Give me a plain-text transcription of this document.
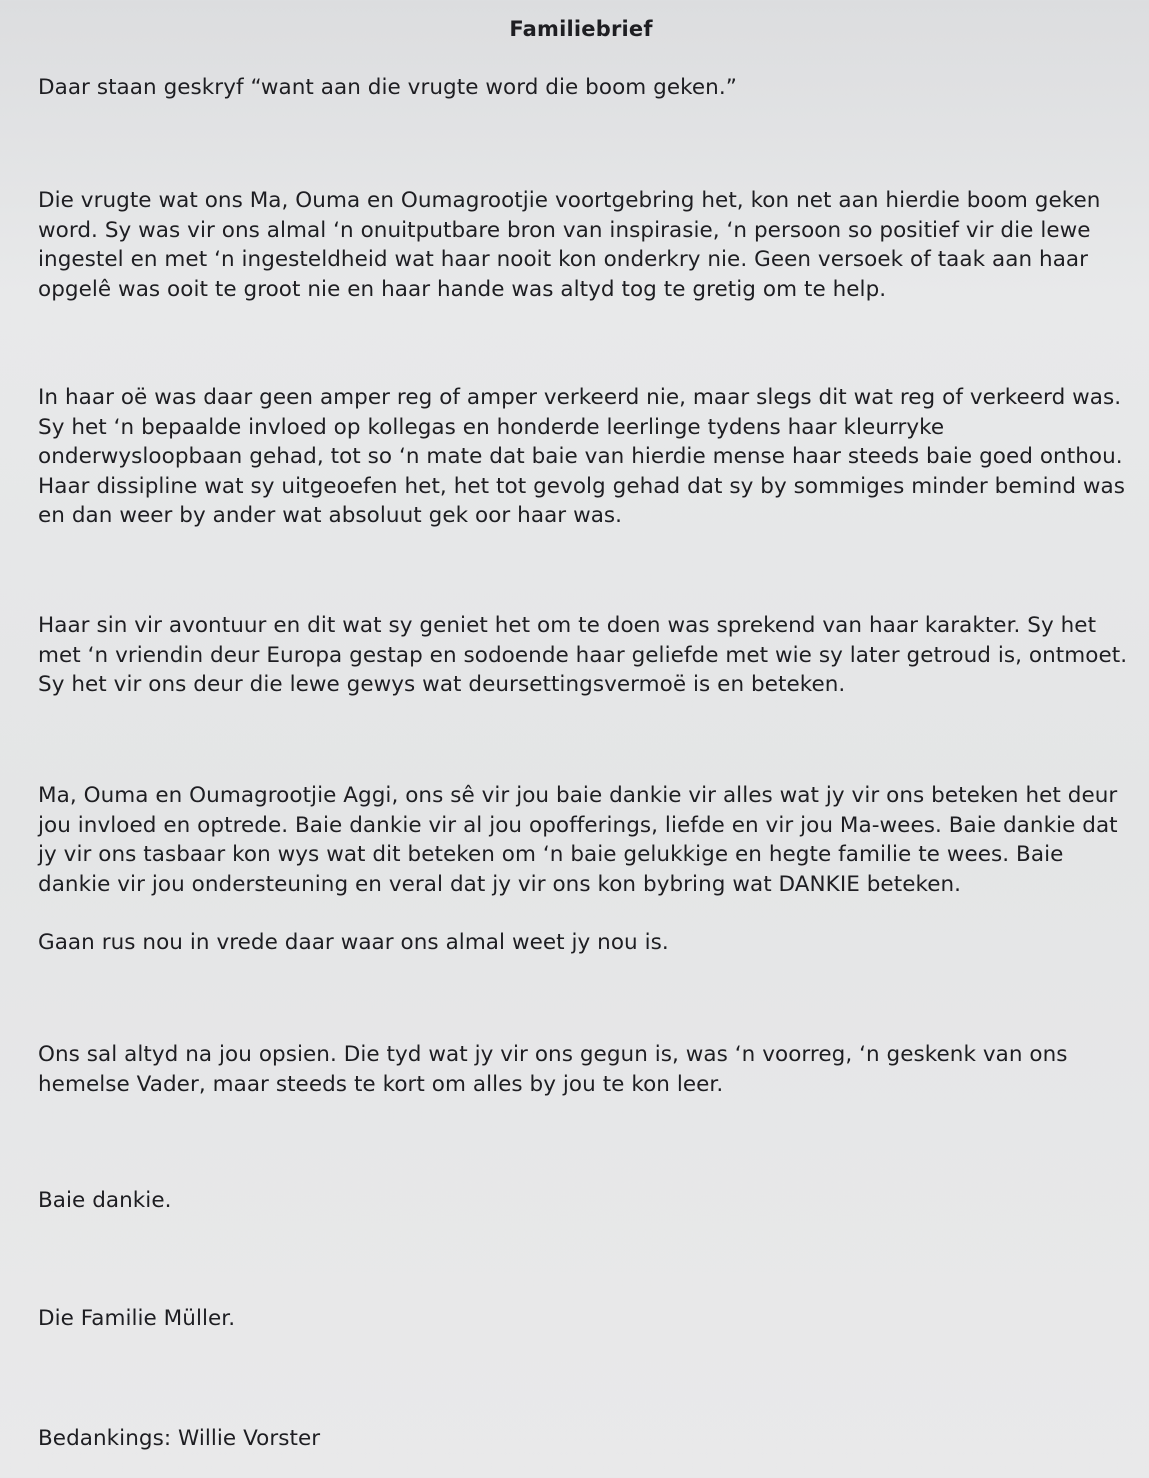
Familiebrief

Daar staan geskryf “want aan die vrugte word die boom geken.”

Die vrugte wat ons Ma, Ouma en Oumagrootjie voortgebring het, kon net aan hierdie boom geken word. Sy was vir ons almal ‘n onuitputbare bron van inspirasie, ‘n persoon so positief vir die lewe ingestel en met ‘n ingesteldheid wat haar nooit kon onderkry nie. Geen versoek of taak aan haar opgelê was ooit te groot nie en haar hande was altyd tog te gretig om te help.

In haar oë was daar geen amper reg of amper verkeerd nie, maar slegs dit wat reg of verkeerd was. Sy het ‘n bepaalde invloed op kollegas en honderde leerlinge tydens haar kleurryke onderwysloopbaan gehad, tot so ‘n mate dat baie van hierdie mense haar steeds baie goed onthou. Haar dissipline wat sy uitgeoefen het, het tot gevolg gehad dat sy by sommiges minder bemind was en dan weer by ander wat absoluut gek oor haar was.

Haar sin vir avontuur en dit wat sy geniet het om te doen was sprekend van haar karakter. Sy het met ‘n vriendin deur Europa gestap en sodoende haar geliefde met wie sy later getroud is, ontmoet. Sy het vir ons deur die lewe gewys wat deursettingsvermoë is en beteken.

Ma, Ouma en Oumagrootjie Aggi, ons sê vir jou baie dankie vir alles wat jy vir ons beteken het deur jou invloed en optrede. Baie dankie vir al jou opofferings, liefde en vir jou Ma-wees. Baie dankie dat jy vir ons tasbaar kon wys wat dit beteken om ‘n baie gelukkige en hegte familie te wees. Baie dankie vir jou ondersteuning en veral dat jy vir ons kon bybring wat DANKIE beteken.

Gaan rus nou in vrede daar waar ons almal weet jy nou is.

Ons sal altyd na jou opsien. Die tyd wat jy vir ons gegun is, was ‘n voorreg, ‘n geskenk van ons hemelse Vader, maar steeds te kort om alles by jou te kon leer.

Baie dankie.

Die Familie Müller.

Bedankings: Willie Vorster
